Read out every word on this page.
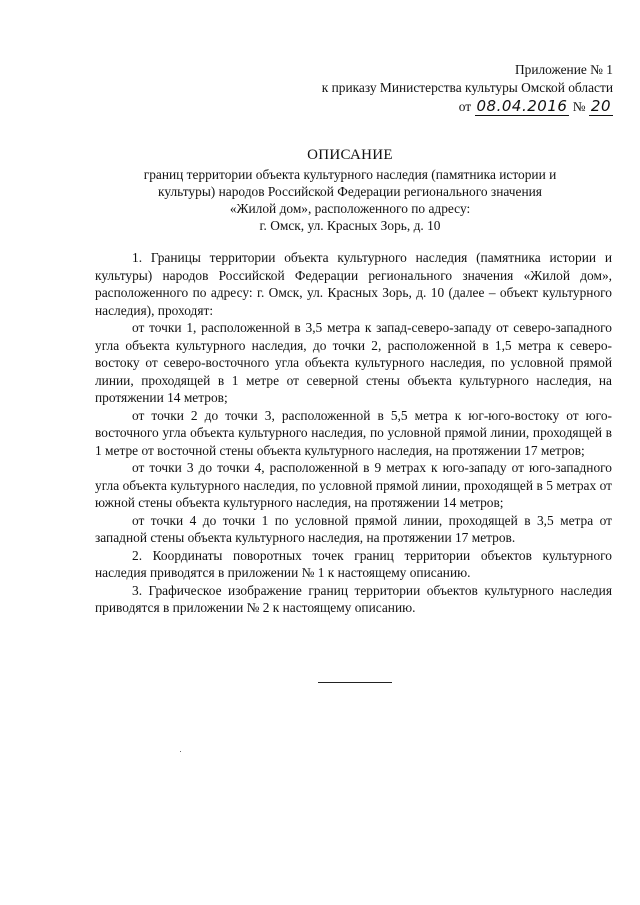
Приложение № 1
к приказу Министерства культуры Омской области
от 08.04.2016 № 20
ОПИСАНИЕ
границ территории объекта культурного наследия (памятника истории и
культуры) народов Российской Федерации регионального значения
«Жилой дом», расположенного по адресу:
г. Омск, ул. Красных Зорь, д. 10

1. Границы территории объекта культурного наследия (памятника истории и культуры) народов Российской Федерации регионального значения «Жилой дом», расположенного по адресу: г. Омск, ул. Красных Зорь, д. 10 (далее – объект культурного наследия), проходят:

от точки 1, расположенной в 3,5 метра к запад-северо-западу от северо-западного угла объекта культурного наследия, до точки 2, расположенной в 1,5 метра к северо-востоку от северо-восточного угла объекта культурного наследия, по условной прямой линии, проходящей в 1 метре от северной стены объекта культурного наследия, на протяжении 14 метров;

от точки 2 до точки 3, расположенной в 5,5 метра к юг-юго-востоку от юго-восточного угла объекта культурного наследия, по условной прямой линии, проходящей в 1 метре от восточной стены объекта культурного наследия, на протяжении 17 метров;

от точки 3 до точки 4, расположенной в 9 метрах к юго-западу от юго-западного угла объекта культурного наследия, по условной прямой линии, проходящей в 5 метрах от южной стены объекта культурного наследия, на протяжении 14 метров;

от точки 4 до точки 1 по условной прямой линии, проходящей в 3,5 метра от западной стены объекта культурного наследия, на протяжении 17 метров.

2. Координаты поворотных точек границ территории объектов культурного наследия приводятся в приложении № 1 к настоящему описанию.

3. Графическое изображение границ территории объектов культурного наследия приводятся в приложении № 2 к настоящему описанию.
